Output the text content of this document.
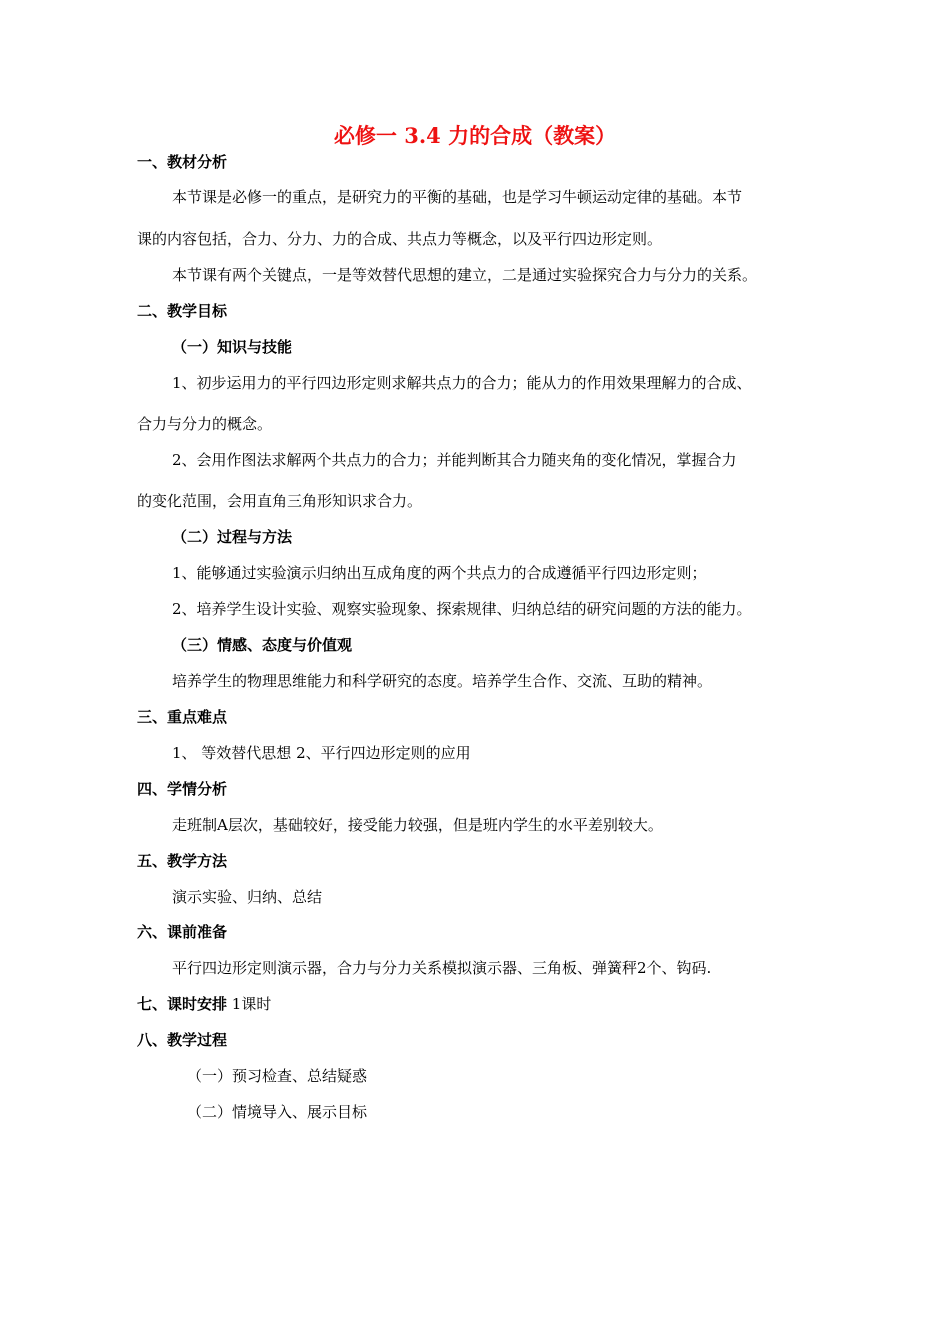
必修一 3.4 力的合成（教案）
一、教材分析
本节课是必修一的重点，是研究力的平衡的基础，也是学习牛顿运动定律的基础。本节
课的内容包括，合力、分力、力的合成、共点力等概念，以及平行四边形定则。
本节课有两个关键点，一是等效替代思想的建立，二是通过实验探究合力与分力的关系。
二、教学目标
（一）知识与技能
1、初步运用力的平行四边形定则求解共点力的合力；能从力的作用效果理解力的合成、
合力与分力的概念。
2、会用作图法求解两个共点力的合力；并能判断其合力随夹角的变化情况，掌握合力
的变化范围，会用直角三角形知识求合力。
（二）过程与方法
1、能够通过实验演示归纳出互成角度的两个共点力的合成遵循平行四边形定则；
2、培养学生设计实验、观察实验现象、探索规律、归纳总结的研究问题的方法的能力。
（三）情感、态度与价值观
培养学生的物理思维能力和科学研究的态度。培养学生合作、交流、互助的精神。
三、重点难点
1、 等效替代思想 2、平行四边形定则的应用
四、学情分析
走班制A层次，基础较好，接受能力较强，但是班内学生的水平差别较大。
五、教学方法
演示实验、归纳、总结
六、课前准备
平行四边形定则演示器，合力与分力关系模拟演示器、三角板、弹簧秤2个、钩码.
七、课时安排 1课时
八、教学过程
（一）预习检查、总结疑惑
（二）情境导入、展示目标
